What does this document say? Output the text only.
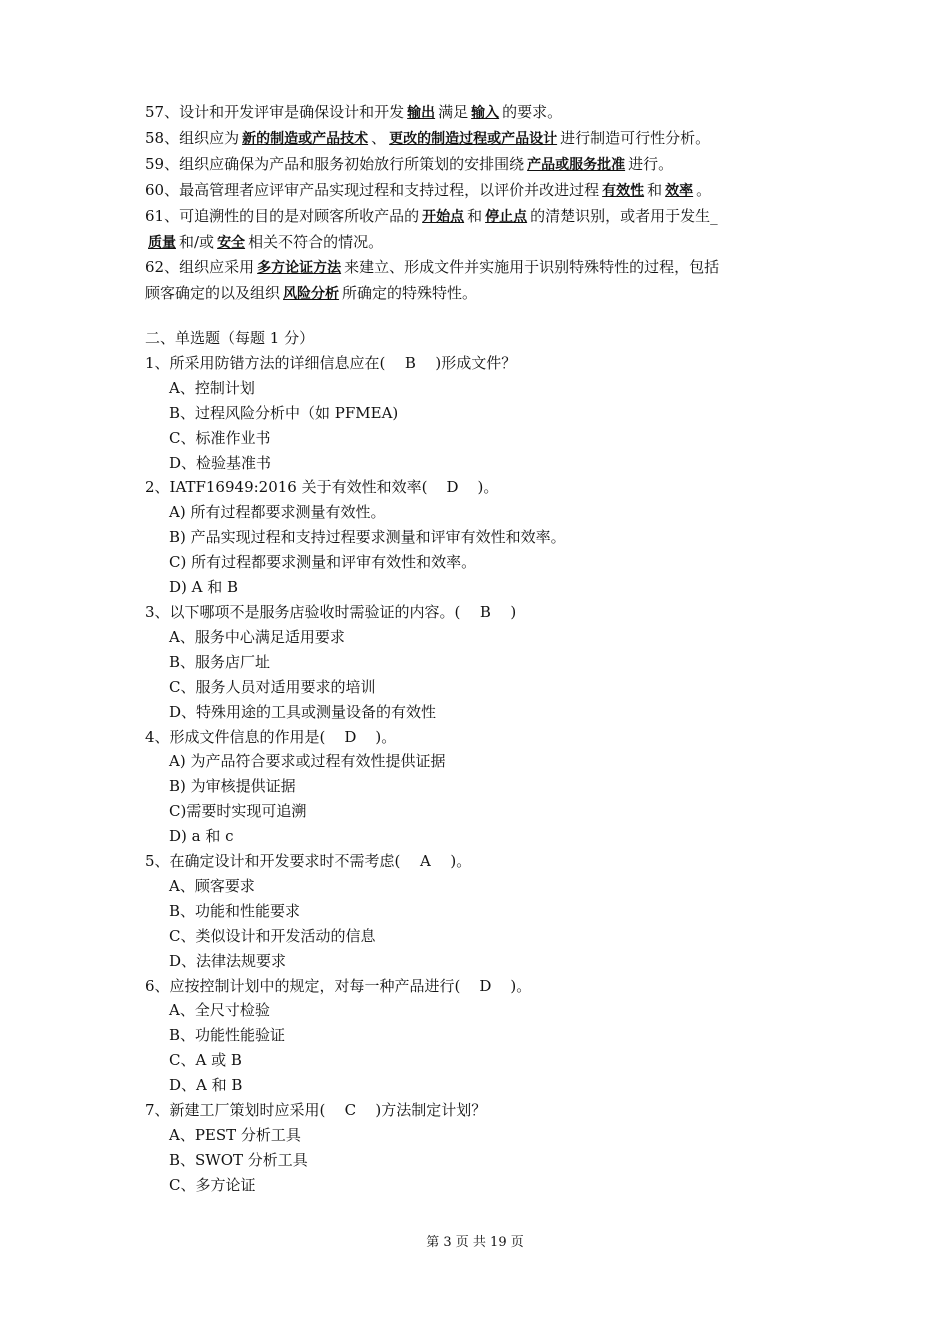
57、设计和开发评审是确保设计和开发 输出 满足 输入 的要求。
58、组织应为 新的制造或产品技术 、 更改的制造过程或产品设计 进行制造可行性分析。
59、组织应确保为产品和服务初始放行所策划的安排围绕 产品或服务批准 进行。
60、最高管理者应评审产品实现过程和支持过程，以评价并改进过程 有效性 和 效率 。
61、可追溯性的目的是对顾客所收产品的 开始点 和 停止点 的清楚识别，或者用于发生_
质量 和/或 安全 相关不符合的情况。
62、组织应采用 多方论证方法 来建立、形成文件并实施用于识别特殊特性的过程，包括
顾客确定的以及组织 风险分析 所确定的特殊特性。
二、单选题（每题 1 分）
1、所采用防错方法的详细信息应在( B )形成文件？
A、控制计划
B、过程风险分析中（如 PFMEA)
C、标准作业书
D、检验基准书
2、IATF16949:2016 关于有效性和效率( D )。
A) 所有过程都要求测量有效性。
B) 产品实现过程和支持过程要求测量和评审有效性和效率。
C) 所有过程都要求测量和评审有效性和效率。
D) A 和 B
3、以下哪项不是服务店验收时需验证的内容。( B )
A、服务中心满足适用要求
B、服务店厂址
C、服务人员对适用要求的培训
D、特殊用途的工具或测量设备的有效性
4、形成文件信息的作用是( D )。
A) 为产品符合要求或过程有效性提供证据
B) 为审核提供证据
C)需要时实现可追溯
D) a 和 c
5、在确定设计和开发要求时不需考虑( A )。
A、顾客要求
B、功能和性能要求
C、类似设计和开发活动的信息
D、法律法规要求
6、应按控制计划中的规定，对每一种产品进行( D )。
A、全尺寸检验
B、功能性能验证
C、A 或 B
D、A 和 B
7、新建工厂策划时应采用( C )方法制定计划？
A、PEST 分析工具
B、SWOT 分析工具
C、多方论证
第 3 页 共 19 页
